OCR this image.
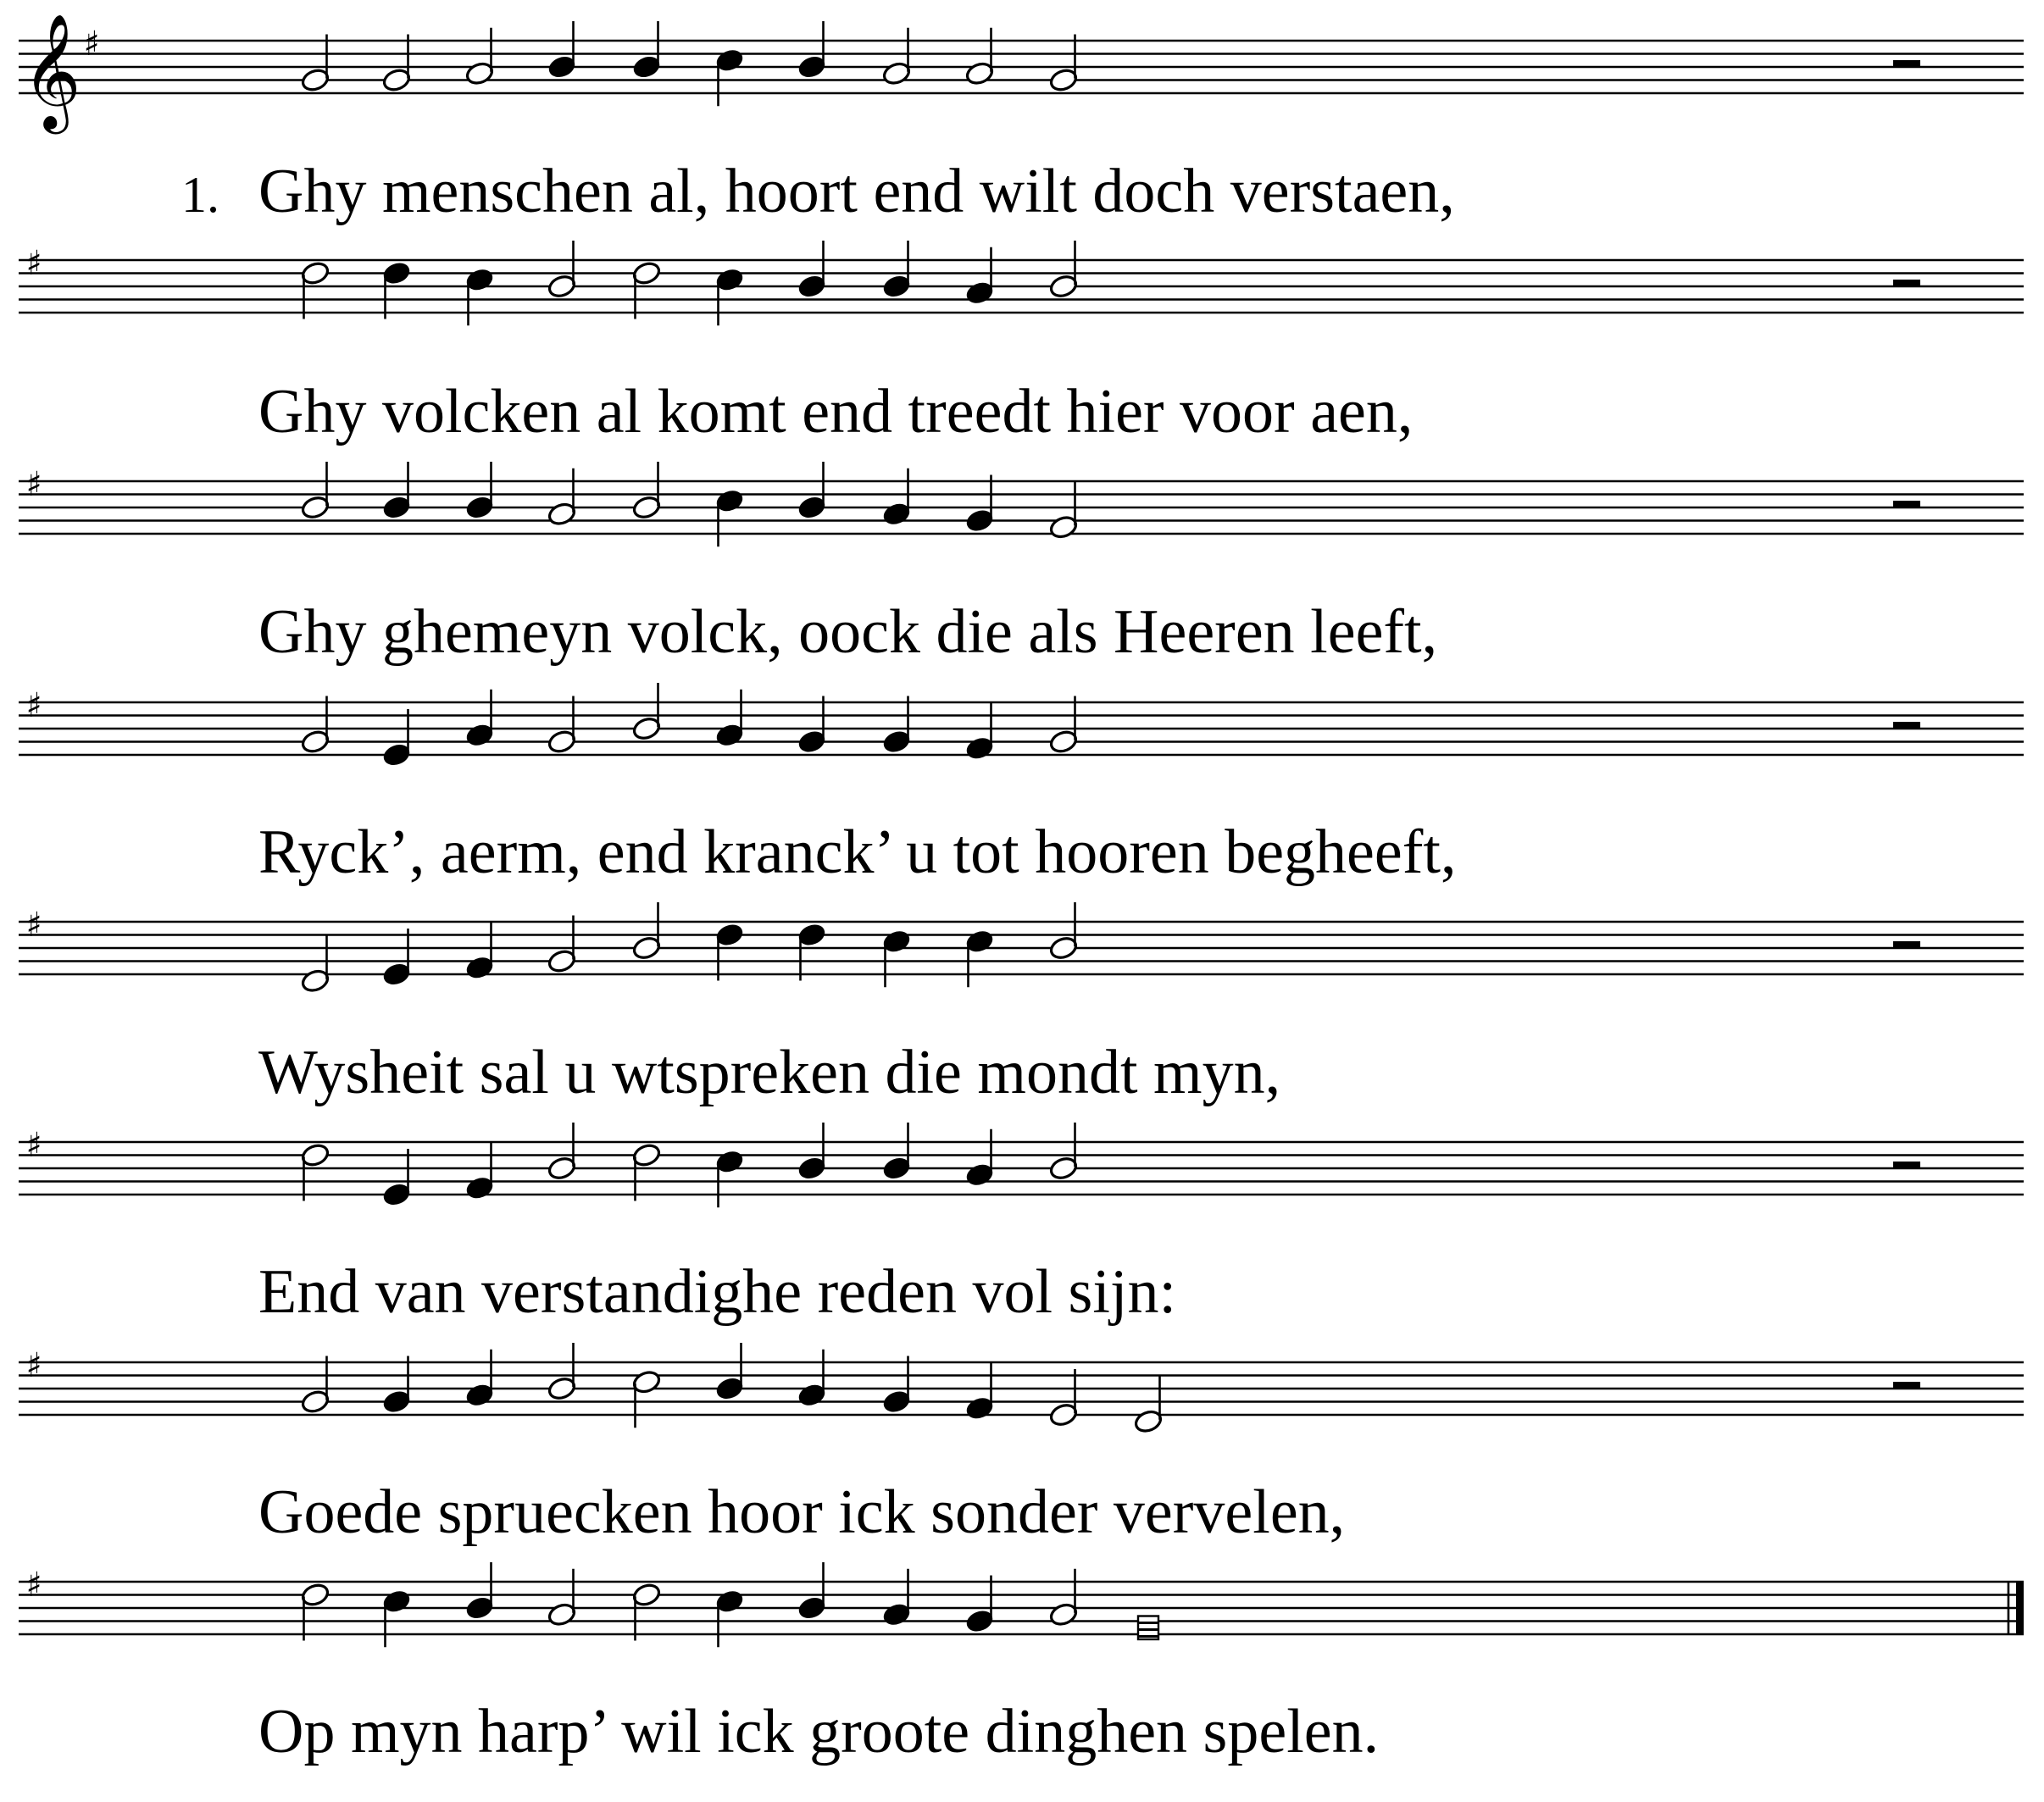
𝄞 ♯
1. Ghy menschen al, hoort end wilt doch verstaen,
♯
Ghy volcken al komt end treedt hier voor aen,
♯
Ghy ghemeyn volck, oock die als Heeren leeft,
♯
Ryck’, aerm, end kranck’ u tot hooren begheeft,
♯
Wysheit sal u wtspreken die mondt myn,
♯
End van verstandighe reden vol sijn:
♯
Goede spruecken hoor ick sonder vervelen,
♯
Op myn harp’ wil ick groote dinghen spelen.
